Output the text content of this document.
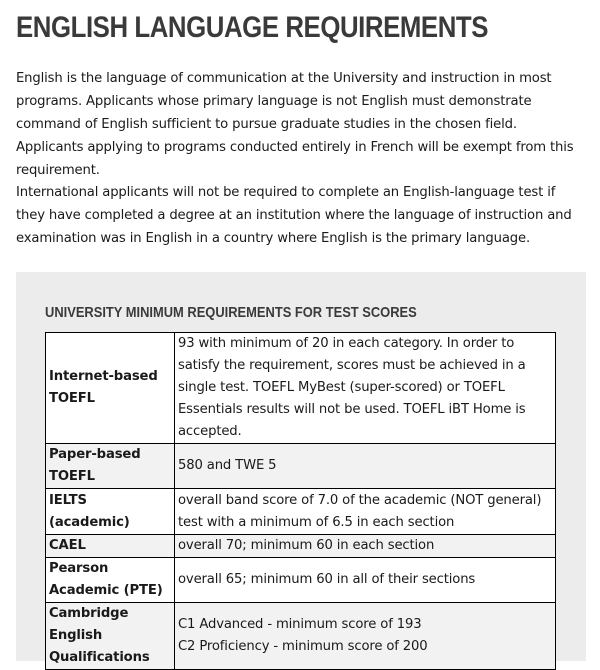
ENGLISH LANGUAGE REQUIREMENTS

English is the language of communication at the University and instruction in most programs. Applicants whose primary language is not English must demonstrate command of English sufficient to pursue graduate studies in the chosen field. Applicants applying to programs conducted entirely in French will be exempt from this requirement.

International applicants will not be required to complete an English-language test if they have completed a degree at an institution where the language of instruction and examination was in English in a country where English is the primary language.

UNIVERSITY MINIMUM REQUIREMENTS FOR TEST SCORES
Internet-based TOEFL	93 with minimum of 20 in each category. In order to satisfy the requirement, scores must be achieved in a single test. TOEFL MyBest (super-scored) or TOEFL Essentials results will not be used. TOEFL iBT Home is accepted.
Paper-based TOEFL	580 and TWE 5
IELTS (academic)	overall band score of 7.0 of the academic (NOT general) test with a minimum of 6.5 in each section
CAEL	overall 70; minimum 60 in each section
Pearson Academic (PTE)	overall 65; minimum 60 in all of their sections
Cambridge English Qualifications	C1 Advanced - minimum score of 193
C2 Proficiency - minimum score of 200
